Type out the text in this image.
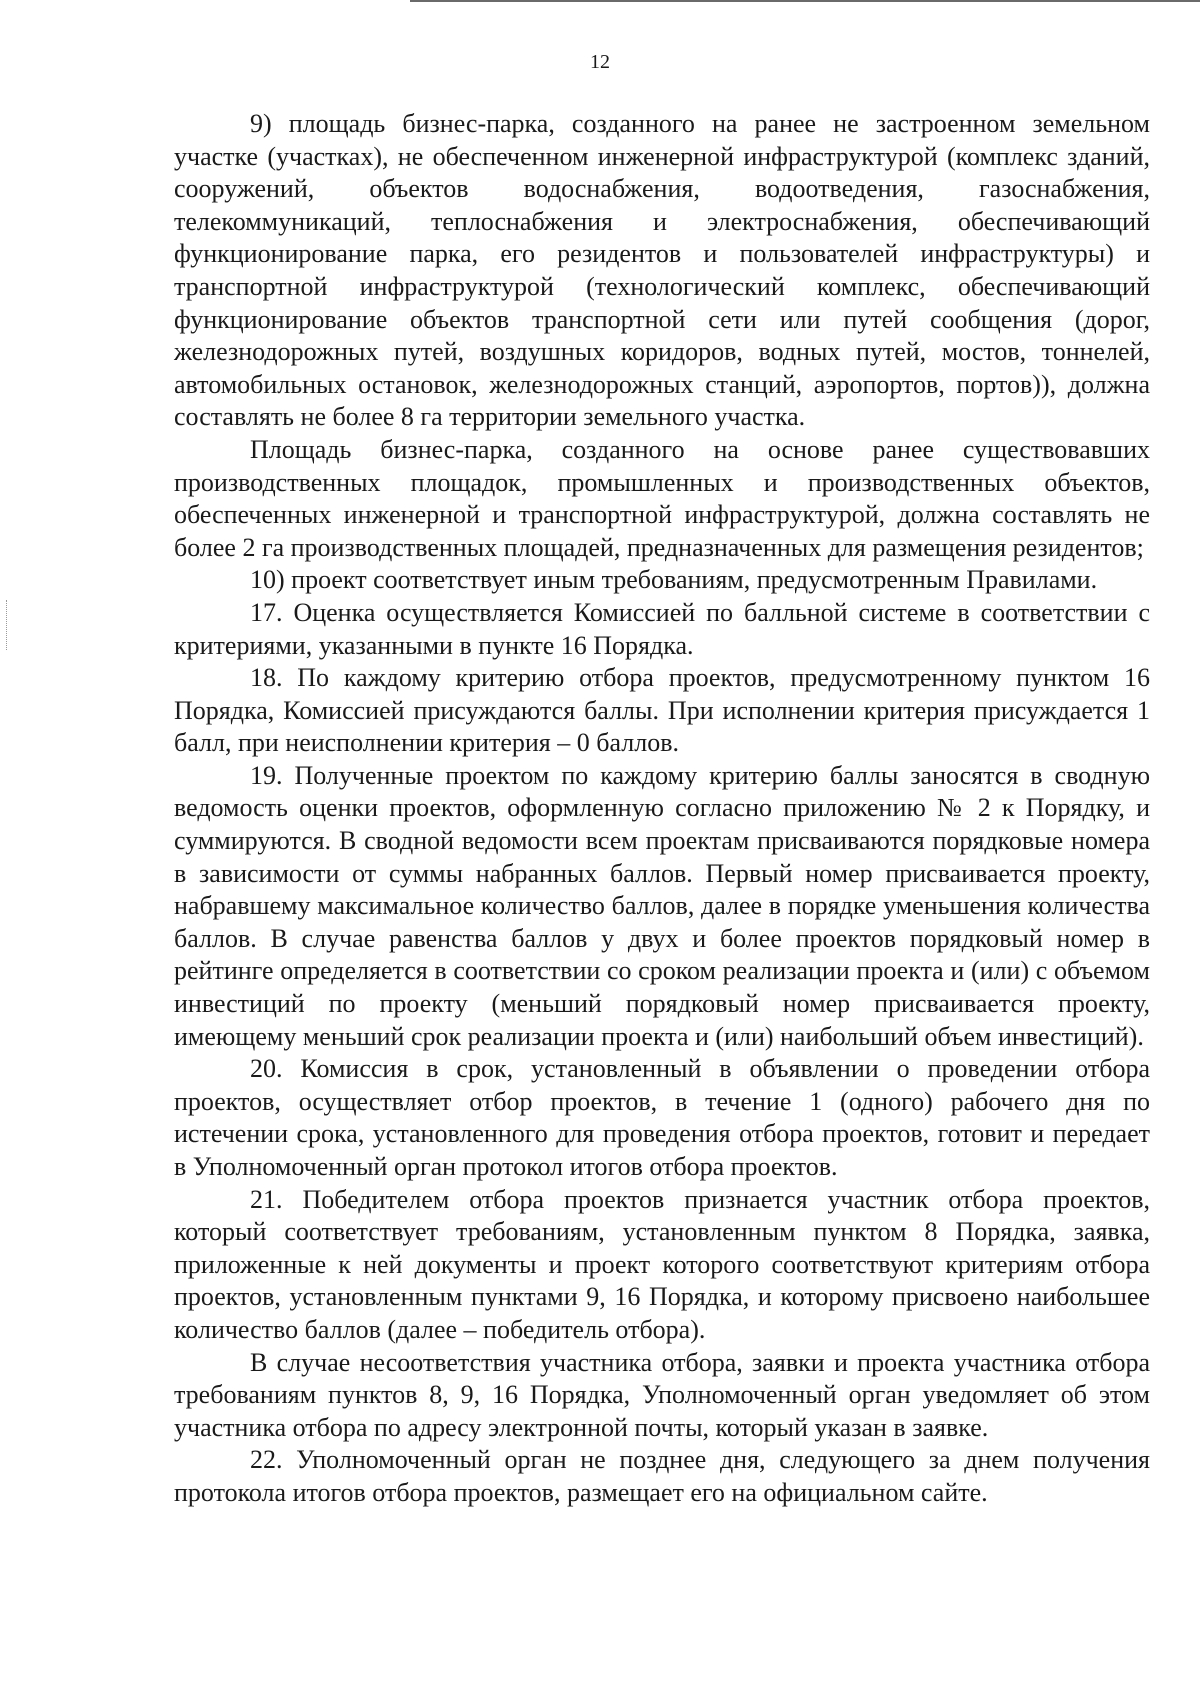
12

9) площадь бизнес-парка, созданного на ранее не застроенном земельном участке (участках), не обеспеченном инженерной инфраструктурой (комплекс зданий, сооружений, объектов водоснабжения, водоотведения, газоснабжения, телекоммуникаций, теплоснабжения и электроснабжения, обеспечивающий функционирование парка, его резидентов и пользователей инфраструктуры) и транспортной инфраструктурой (технологический комплекс, обеспечивающий функционирование объектов транспортной сети или путей сообщения (дорог, железнодорожных путей, воздушных коридоров, водных путей, мостов, тоннелей, автомобильных остановок, железнодорожных станций, аэропортов, портов)), должна составлять не более 8 га территории земельного участка.

Площадь бизнес-парка, созданного на основе ранее существовавших производственных площадок, промышленных и производственных объектов, обеспеченных инженерной и транспортной инфраструктурой, должна составлять не более 2 га производственных площадей, предназначенных для размещения резидентов;

10) проект соответствует иным требованиям, предусмотренным Правилами.

17. Оценка осуществляется Комиссией по балльной системе в соответствии с критериями, указанными в пункте 16 Порядка.

18. По каждому критерию отбора проектов, предусмотренному пунктом 16 Порядка, Комиссией присуждаются баллы. При исполнении критерия присуждается 1 балл, при неисполнении критерия – 0 баллов.

19. Полученные проектом по каждому критерию баллы заносятся в сводную ведомость оценки проектов, оформленную согласно приложению № 2 к Порядку, и суммируются. В сводной ведомости всем проектам присваиваются порядковые номера в зависимости от суммы набранных баллов. Первый номер присваивается проекту, набравшему максимальное количество баллов, далее в порядке уменьшения количества баллов. В случае равенства баллов у двух и более проектов порядковый номер в рейтинге определяется в соответствии со сроком реализации проекта и (или) с объемом инвестиций по проекту (меньший порядковый номер присваивается проекту, имеющему меньший срок реализации проекта и (или) наибольший объем инвестиций).

20. Комиссия в срок, установленный в объявлении о проведении отбора проектов, осуществляет отбор проектов, в течение 1 (одного) рабочего дня по истечении срока, установленного для проведения отбора проектов, готовит и передает в Уполномоченный орган протокол итогов отбора проектов.

21. Победителем отбора проектов признается участник отбора проектов, который соответствует требованиям, установленным пунктом 8 Порядка, заявка, приложенные к ней документы и проект которого соответствуют критериям отбора проектов, установленным пунктами 9, 16 Порядка, и которому присвоено наибольшее количество баллов (далее – победитель отбора).

В случае несоответствия участника отбора, заявки и проекта участника отбора требованиям пунктов 8, 9, 16 Порядка, Уполномоченный орган уведомляет об этом участника отбора по адресу электронной почты, который указан в заявке.

22. Уполномоченный орган не позднее дня, следующего за днем получения протокола итогов отбора проектов, размещает его на официальном сайте.
